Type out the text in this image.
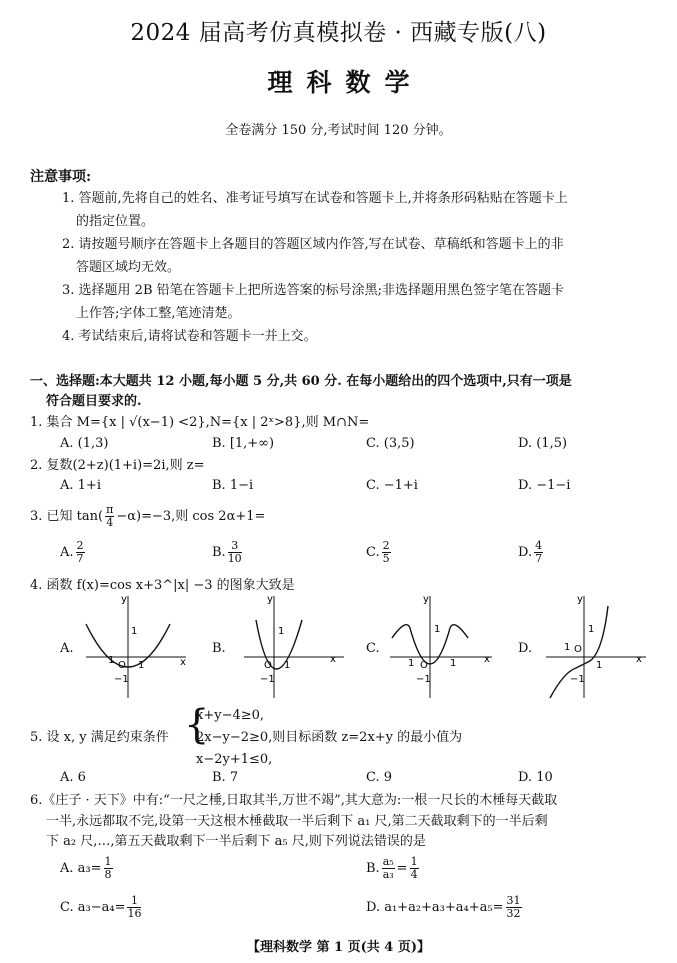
2024 届高考仿真模拟卷 · 西藏专版(八)
理科数学
全卷满分 150 分,考试时间 120 分钟。
注意事项:
1. 答题前,先将自己的姓名、准考证号填写在试卷和答题卡上,并将条形码粘贴在答题卡上
的指定位置。
2. 请按题号顺序在答题卡上各题目的答题区域内作答,写在试卷、草稿纸和答题卡上的非
答题区域均无效。
3. 选择题用 2B 铅笔在答题卡上把所选答案的标号涂黑;非选择题用黑色签字笔在答题卡
上作答;字体工整,笔迹清楚。
4. 考试结束后,请将试卷和答题卡一并上交。
一、选择题:本大题共 12 小题,每小题 5 分,共 60 分. 在每小题给出的四个选项中,只有一项是
符合题目要求的.
1. 集合 M={x | √(x−1) <2},N={x | 2ˣ>8},则 M∩N=
A. (1,3)	B. [1,+∞)	C. (3,5)	D. (1,5)
2. 复数(2+z)(1+i)=2i,则 z=
A. 1+i	B. 1−i	C. −1+i	D. −1−i
3. 已知 $\tan( \frac{\pi}{4} -\alpha)=-3$,则 cos 2α+1=
A. $\frac{2}{7}$	B. $\frac{3}{10}$	C. $\frac{2}{5}$	D. $\frac{4}{7}$
4. 函数 f(x)=cos x+3^|x| −3 的图象大致是
A.	B.	C.	D.
y
x
O
1
1 1
−1
y
x
O
1
1
−1
y
x
O
1
1	1
−1
y
x
O
1
1
1
−1
5. 设 x, y 满足约束条件 {
x+y−4≥0,
2x−y−2≥0,则目标函数 z=2x+y 的最小值为
x−2y+1≤0,
A. 6	B. 7	C. 9	D. 10
6.《庄子 · 天下》中有:“一尺之棰,日取其半,万世不竭”,其大意为:一根一尺长的木棰每天截取
一半,永远都取不完,设第一天这根木棰截取一半后剩下 a₁ 尺,第二天截取剩下的一半后剩
下 a₂ 尺,…,第五天截取剩下一半后剩下 a₅ 尺,则下列说法错误的是
A. $a_3= \frac{1}{8}$	B. $\frac{\text{a₅}}{\text{a₃}} = \frac{1}{4}$
C. $a_3-a_4= \frac{1}{16}$	D. $a_1+a_2+a_3+a_4+a_5= \frac{31}{32}$
【理科数学 第 1 页(共 4 页)】
